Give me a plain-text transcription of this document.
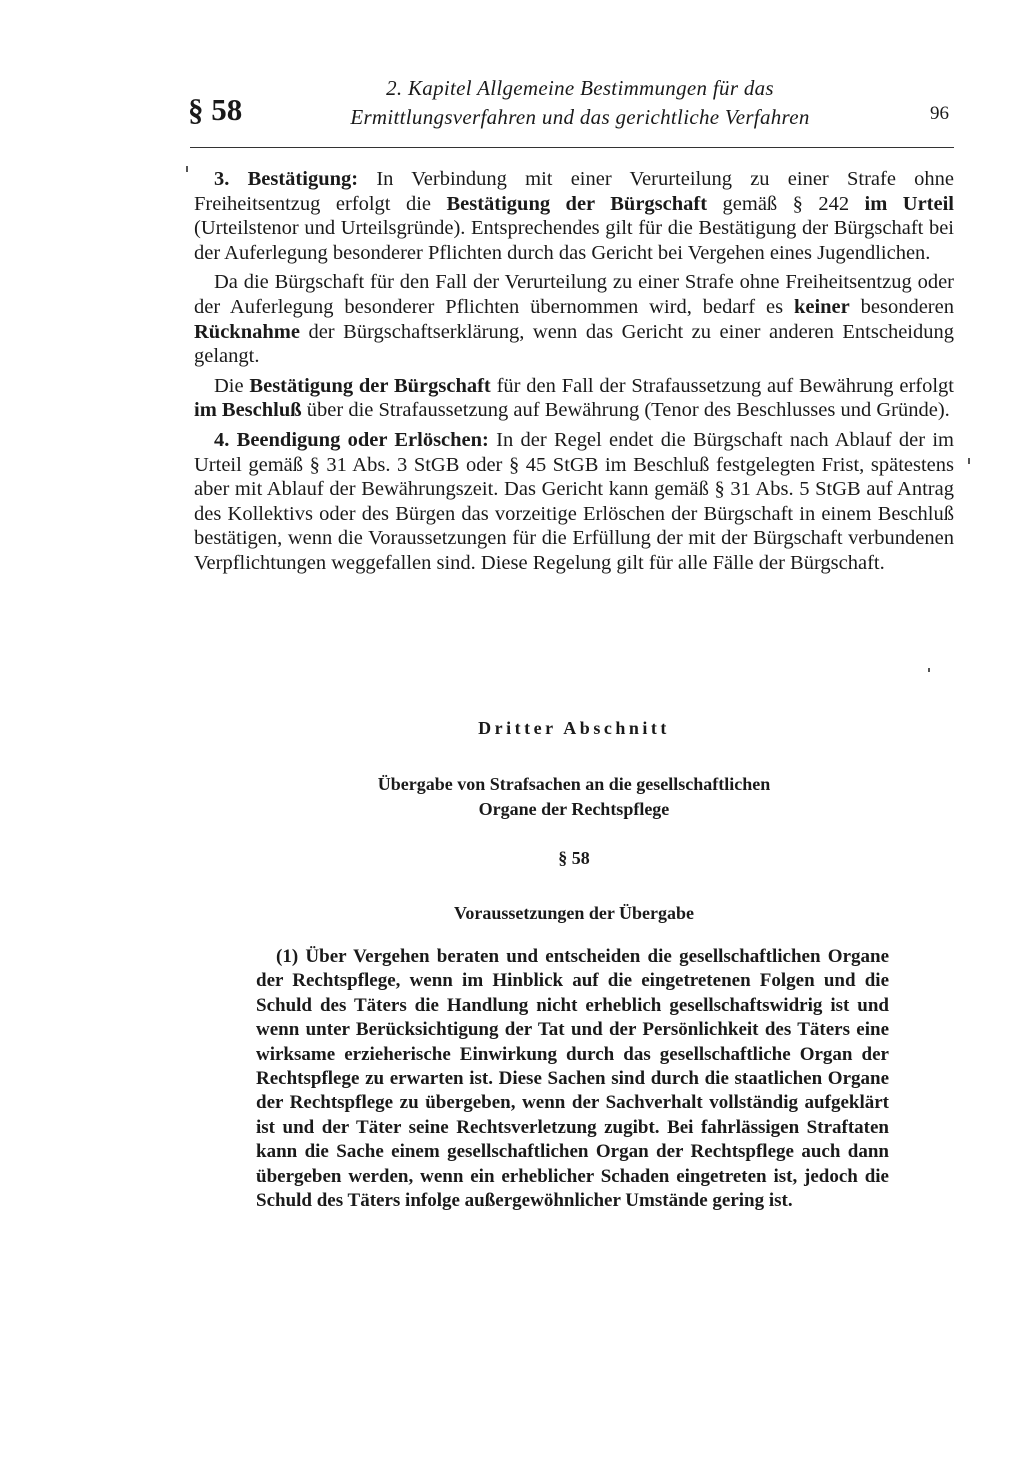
§ 58
2. Kapitel Allgemeine Bestimmungen für das
Ermittlungsverfahren und das gerichtliche Verfahren	96

3. Bestätigung: In Verbindung mit einer Verurteilung zu einer Strafe ohne Freiheitsentzug erfolgt die Bestätigung der Bürgschaft gemäß § 242 im Urteil (Urteilstenor und Urteilsgründe). Entsprechendes gilt für die Bestätigung der Bürgschaft bei der Auferlegung besonderer Pflichten durch das Gericht bei Vergehen eines Jugendlichen.

Da die Bürgschaft für den Fall der Verurteilung zu einer Strafe ohne Freiheitsentzug oder der Auferlegung besonderer Pflichten übernommen wird, bedarf es keiner besonderen Rücknahme der Bürgschaftserklärung, wenn das Gericht zu einer anderen Entscheidung gelangt.

Die Bestätigung der Bürgschaft für den Fall der Strafaussetzung auf Bewährung erfolgt im Beschluß über die Strafaussetzung auf Bewährung (Tenor des Beschlusses und Gründe).

4. Beendigung oder Erlöschen: In der Regel endet die Bürgschaft nach Ablauf der im Urteil gemäß § 31 Abs. 3 StGB oder § 45 StGB im Beschluß festgelegten Frist, spätestens aber mit Ablauf der Bewährungszeit. Das Gericht kann gemäß § 31 Abs. 5 StGB auf Antrag des Kollektivs oder des Bürgen das vorzeitige Erlöschen der Bürgschaft in einem Beschluß bestätigen, wenn die Voraussetzungen für die Erfüllung der mit der Bürgschaft verbundenen Verpflichtungen weggefallen sind. Diese Regelung gilt für alle Fälle der Bürgschaft.

Dritter Abschnitt
Übergabe von Strafsachen an die gesellschaftlichen
Organe der Rechtspflege
§ 58
Voraussetzungen der Übergabe

(1) Über Vergehen beraten und entscheiden die gesellschaftlichen Organe der Rechtspflege, wenn im Hinblick auf die eingetretenen Folgen und die Schuld des Täters die Handlung nicht erheblich gesellschaftswidrig ist und wenn unter Berücksichtigung der Tat und der Persönlichkeit des Täters eine wirksame erzieherische Einwirkung durch das gesellschaftliche Organ der Rechtspflege zu erwarten ist. Diese Sachen sind durch die staatlichen Organe der Rechtspflege zu übergeben, wenn der Sachverhalt vollständig aufgeklärt ist und der Täter seine Rechtsverletzung zugibt. Bei fahrlässigen Straftaten kann die Sache einem gesellschaftlichen Organ der Rechtspflege auch dann übergeben werden, wenn ein erheblicher Schaden eingetreten ist, jedoch die Schuld des Täters infolge außergewöhnlicher Umstände gering ist.
